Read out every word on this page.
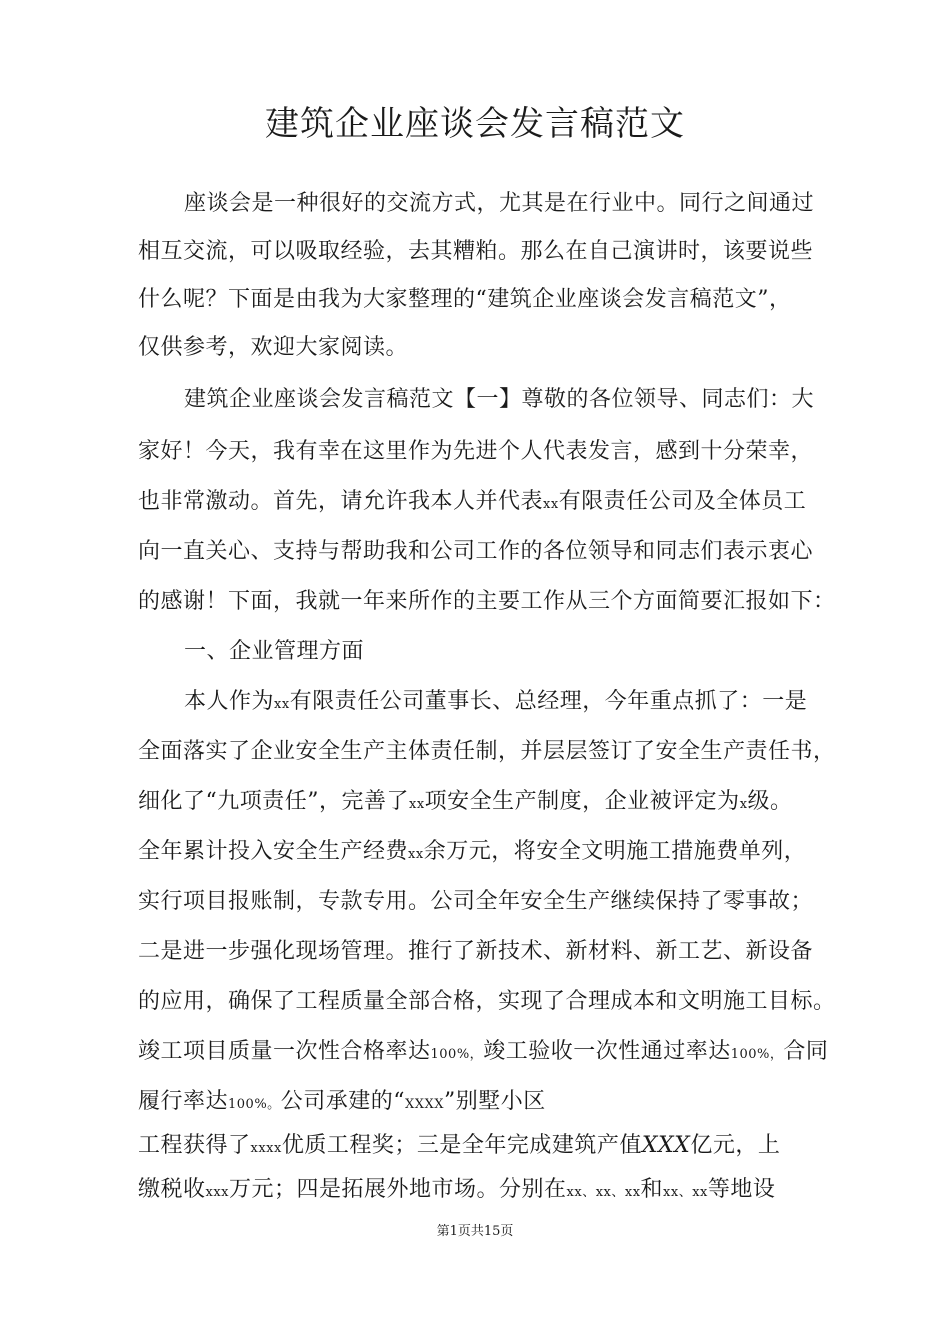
建筑企业座谈会发言稿范文

座谈会是一种很好的交流方式，尤其是在行业中。同行之间通过

相互交流，可以吸取经验，去其糟粕。那么在自己演讲时，该要说些

什么呢？下面是由我为大家整理的“建筑企业座谈会发言稿范文”，

仅供参考，欢迎大家阅读。

建筑企业座谈会发言稿范文【一】尊敬的各位领导、同志们：大

家好！今天，我有幸在这里作为先进个人代表发言，感到十分荣幸，

也非常激动。首先，请允许我本人并代表xx有限责任公司及全体员工

向一直关心、支持与帮助我和公司工作的各位领导和同志们表示衷心

的感谢！下面，我就一年来所作的主要工作从三个方面简要汇报如下：

一、企业管理方面

本人作为xx有限责任公司董事长、总经理，今年重点抓了：一是

全面落实了企业安全生产主体责任制，并层层签订了安全生产责任书，

细化了“九项责任”，完善了xx项安全生产制度，企业被评定为x级。

全年累计投入安全生产经费xx余万元，将安全文明施工措施费单列，

实行项目报账制，专款专用。公司全年安全生产继续保持了零事故；

二是进一步强化现场管理。推行了新技术、新材料、新工艺、新设备

的应用，确保了工程质量全部合格，实现了合理成本和文明施工目标。

竣工项目质量一次性合格率达100%，竣工验收一次性通过率达100%，合同

履行率达100%。公司承建的“XXXX”别墅小区

工程获得了xxxx优质工程奖；三是全年完成建筑产值XXX亿元，上

缴税收xxx万元；四是拓展外地市场。分别在xx、xx、xx和xx、xx等地设

第1页共15页
